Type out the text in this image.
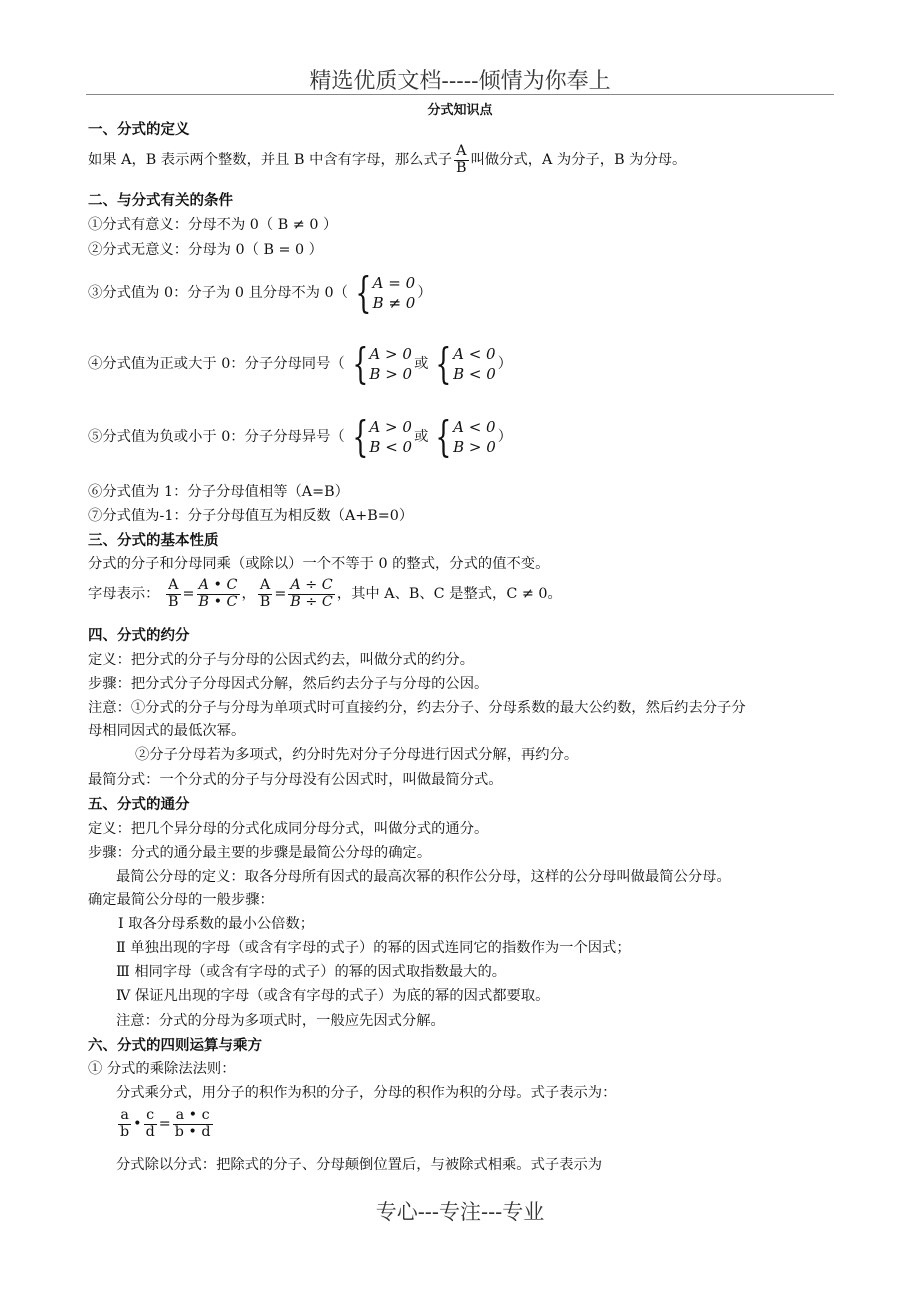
精选优质文档-----倾情为你奉上
分式知识点
一、分式的定义
如果 A，B 表示两个整数，并且 B 中含有字母，那么式子 $\frac{A}{B}$ 叫做分式，A 为分子，B 为分母。
二、与分式有关的条件
①分式有意义：分母不为 0（ B ≠ 0 ）
②分式无意义：分母为 0（ B = 0 ）
③分式值为 0：分子为 0 且分母不为 0（ { A = 0
B ≠ 0
）
④分式值为正或大于 0：分子分母同号（ { A > 0
B > 0
或 { A < 0
B < 0
）
⑤分式值为负或小于 0：分子分母异号（ { A > 0
B < 0
或 { A < 0
B > 0
）
⑥分式值为 1：分子分母值相等（A=B）
⑦分式值为-1：分子分母值互为相反数（A+B=0）
三、分式的基本性质
分式的分子和分母同乘（或除以）一个不等于 0 的整式，分式的值不变。
字母表示： $\frac{A}{B} = \frac{A • C}{B • C}$ ， $\frac{A}{B} = \frac{A \div C}{B \div C}$ ，其中 A、B、C 是整式，C ≠ 0。
四、分式的约分
定义：把分式的分子与分母的公因式约去，叫做分式的约分。
步骤：把分式分子分母因式分解，然后约去分子与分母的公因。
注意：①分式的分子与分母为单项式时可直接约分，约去分子、分母系数的最大公约数，然后约去分子分
母相同因式的最低次幂。
②分子分母若为多项式，约分时先对分子分母进行因式分解，再约分。
最简分式：一个分式的分子与分母没有公因式时，叫做最简分式。
五、分式的通分
定义：把几个异分母的分式化成同分母分式，叫做分式的通分。
步骤：分式的通分最主要的步骤是最简公分母的确定。
最简公分母的定义：取各分母所有因式的最高次幂的积作公分母，这样的公分母叫做最简公分母。
确定最简公分母的一般步骤：
Ⅰ 取各分母系数的最小公倍数；
Ⅱ 单独出现的字母（或含有字母的式子）的幂的因式连同它的指数作为一个因式；
Ⅲ 相同字母（或含有字母的式子）的幂的因式取指数最大的。
Ⅳ 保证凡出现的字母（或含有字母的式子）为底的幂的因式都要取。
注意：分式的分母为多项式时，一般应先因式分解。
六、分式的四则运算与乘方
① 分式的乘除法法则：
分式乘分式，用分子的积作为积的分子，分母的积作为积的分母。式子表示为：
$\frac{a}{b}$ • $\frac{c}{d} = \frac{a • c}{b • d}$
分式除以分式：把除式的分子、分母颠倒位置后，与被除式相乘。式子表示为
专心---专注---专业
